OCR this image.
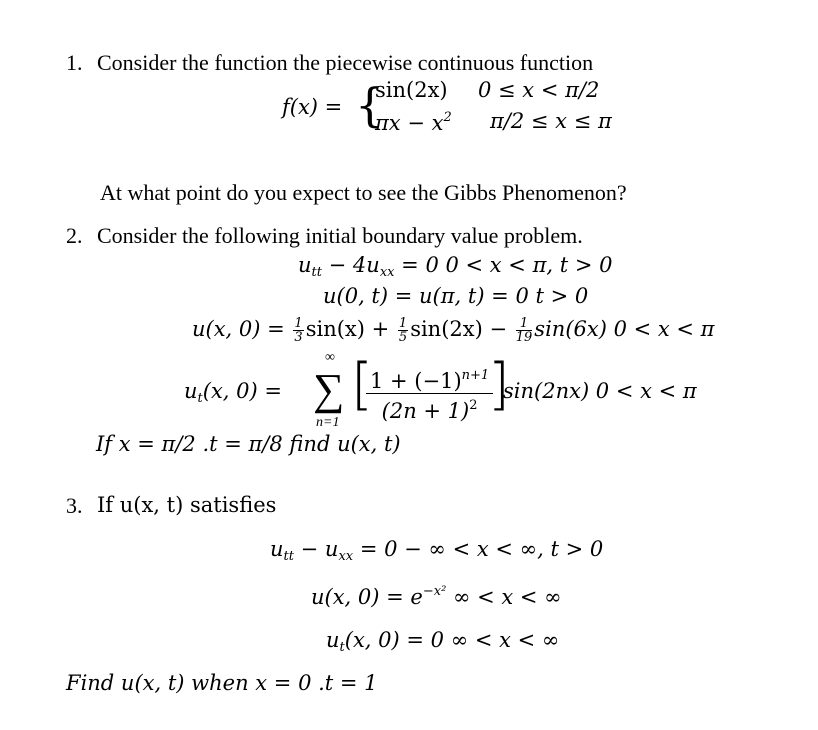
1. Consider the function the piecewise continuous function
f(x) = {
sin(2x) 0 ≤ x < π/2
$\pi x - x^2$ π/2 ≤ x ≤ π
At what point do you expect to see the Gibbs Phenomenon?
2. Consider the following initial boundary value problem.
$u_{tt} - 4u_{xx} = 0$ 0 < x < π, t > 0
u(0, t) = u(π, t) = 0 t > 0
u(x, $0) = \frac{1}{3} \sin(x) + \frac{1}{5} \sin(2x) - \frac{1}{19} \sin(6x) 0 < x < \pi$
$u_t(x$, 0) =
∞
∑
n=1
[
$\frac{1 + (-1)^{n+1}}{(2n + 1)^2}$
]
sin(2nx) 0 < x < π
If x = π/2 .t = π/8 find u(x, t)
3. If u(x, t) satisfies
$u_{tt} - u_{xx} = 0$ − ∞ < x < ∞, t > 0
u(x, $0) = e^{-x^2}$ ∞ < x < ∞
$u_t(x$, 0) = 0 ∞ < x < ∞
Find u(x, t) when x = 0 .t = 1
